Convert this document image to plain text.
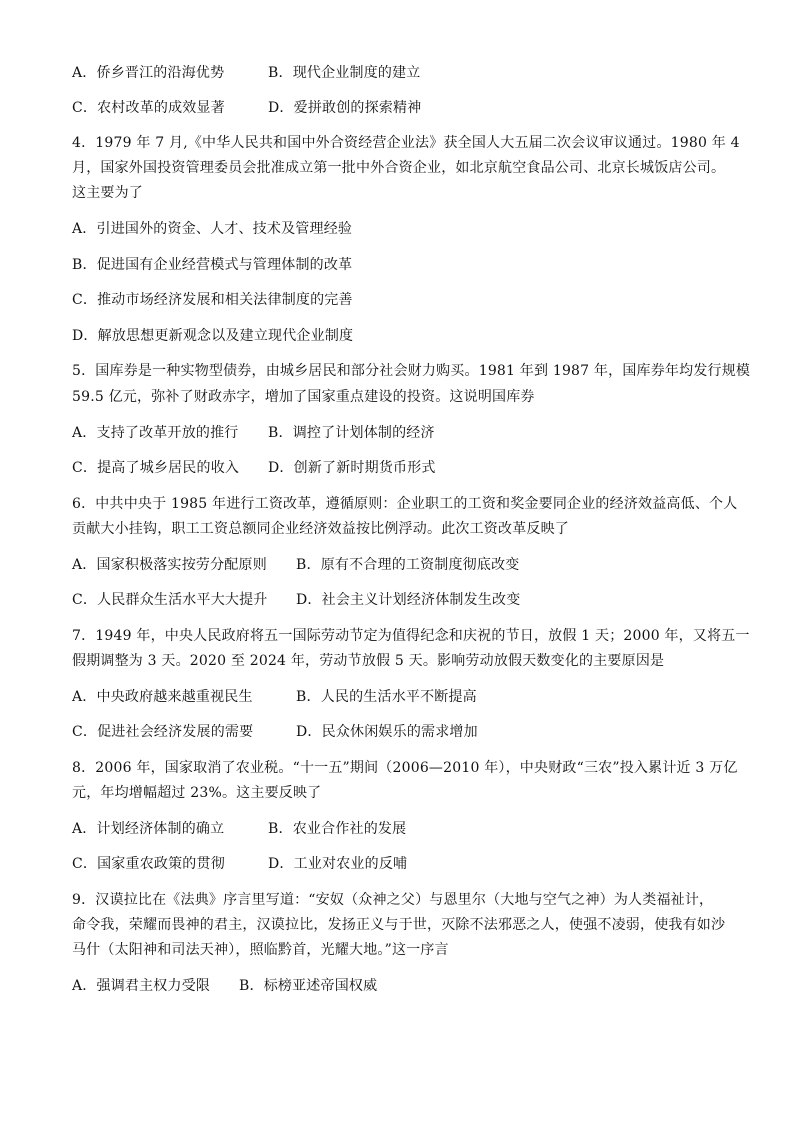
A．侨乡晋江的沿海优势	B．现代企业制度的建立
C．农村改革的成效显著	D．爱拼敢创的探索精神
4．1979 年 7 月,《中华人民共和国中外合资经营企业法》获全国人大五届二次会议审议通过。1980 年 4
月，国家外国投资管理委员会批准成立第一批中外合资企业，如北京航空食品公司、北京长城饭店公司。
这主要为了
A．引进国外的资金、人才、技术及管理经验
B．促进国有企业经营模式与管理体制的改革
C．推动市场经济发展和相关法律制度的完善
D．解放思想更新观念以及建立现代企业制度
5．国库券是一种实物型债券，由城乡居民和部分社会财力购买。1981 年到 1987 年，国库券年均发行规模
59.5 亿元，弥补了财政赤字，增加了国家重点建设的投资。这说明国库券
A．支持了改革开放的推行 B．调控了计划体制的经济
C．提高了城乡居民的收入 D．创新了新时期货币形式
6．中共中央于 1985 年进行工资改革，遵循原则：企业职工的工资和奖金要同企业的经济效益高低、个人
贡献大小挂钩，职工工资总额同企业经济效益按比例浮动。此次工资改革反映了
A．国家积极落实按劳分配原则 B．原有不合理的工资制度彻底改变
C．人民群众生活水平大大提升 D．社会主义计划经济体制发生改变
7．1949 年，中央人民政府将五一国际劳动节定为值得纪念和庆祝的节日，放假 1 天；2000 年，又将五一
假期调整为 3 天。2020 至 2024 年，劳动节放假 5 天。影响劳动放假天数变化的主要原因是
A．中央政府越来越重视民生	B．人民的生活水平不断提高
C．促进社会经济发展的需要	D．民众休闲娱乐的需求增加
8．2006 年，国家取消了农业税。“十一五”期间（2006—2010 年），中央财政“三农”投入累计近 3 万亿
元，年均增幅超过 23%。这主要反映了
A．计划经济体制的确立	B．农业合作社的发展
C．国家重农政策的贯彻	D．工业对农业的反哺
9．汉谟拉比在《法典》序言里写道：“安奴（众神之父）与恩里尔（大地与空气之神）为人类福祉计，
命令我，荣耀而畏神的君主，汉谟拉比，发扬正义与于世，灭除不法邪恶之人，使强不凌弱，使我有如沙
马什（太阳神和司法天神），照临黔首，光耀大地。”这一序言
A．强调君主权力受限 B．标榜亚述帝国权威
